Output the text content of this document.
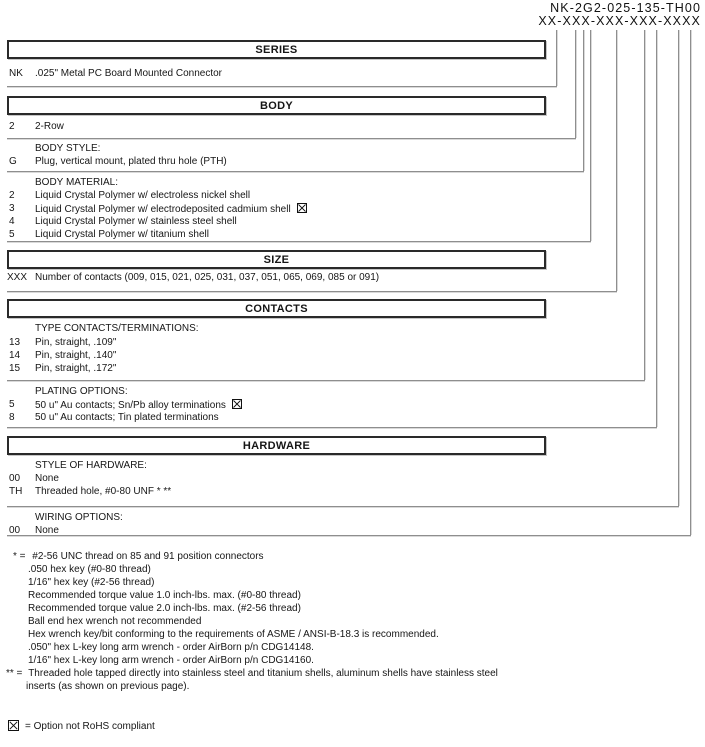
NK-2G2-025-135-TH00
XX-XXX-XXX-XXX-XXXX
SERIES
BODY
SIZE
CONTACTS
HARDWARE
NK	.025" Metal PC Board Mounted Connector
2	2-Row
BODY STYLE:
G	Plug, vertical mount, plated thru hole (PTH)
BODY MATERIAL:
2	Liquid Crystal Polymer w/ electroless nickel shell
3	Liquid Crystal Polymer w/ electrodeposited cadmium shell
4	Liquid Crystal Polymer w/ stainless steel shell
5	Liquid Crystal Polymer w/ titanium shell
XXX Number of contacts (009, 015, 021, 025, 031, 037, 051, 065, 069, 085 or 091)
TYPE CONTACTS/TERMINATIONS:
13	Pin, straight, .109"
14	Pin, straight, .140"
15	Pin, straight, .172"
PLATING OPTIONS:
5	50 u" Au contacts; Sn/Pb alloy terminations
8	50 u" Au contacts; Tin plated terminations
STYLE OF HARDWARE:
00	None
TH	Threaded hole, #0-80 UNF * **
WIRING OPTIONS:
00	None
* = #2-56 UNC thread on 85 and 91 position connectors
.050 hex key (#0-80 thread)
1/16" hex key (#2-56 thread)
Recommended torque value 1.0 inch-lbs. max. (#0-80 thread)
Recommended torque value 2.0 inch-lbs. max. (#2-56 thread)
Ball end hex wrench not recommended
Hex wrench key/bit conforming to the requirements of ASME / ANSI-B-18.3 is recommended.
.050" hex L-key long arm wrench - order AirBorn p/n CDG14148.
1/16" hex L-key long arm wrench - order AirBorn p/n CDG14160.
** = Threaded hole tapped directly into stainless steel and titanium shells, aluminum shells have stainless steel
inserts (as shown on previous page).
= Option not RoHS compliant
